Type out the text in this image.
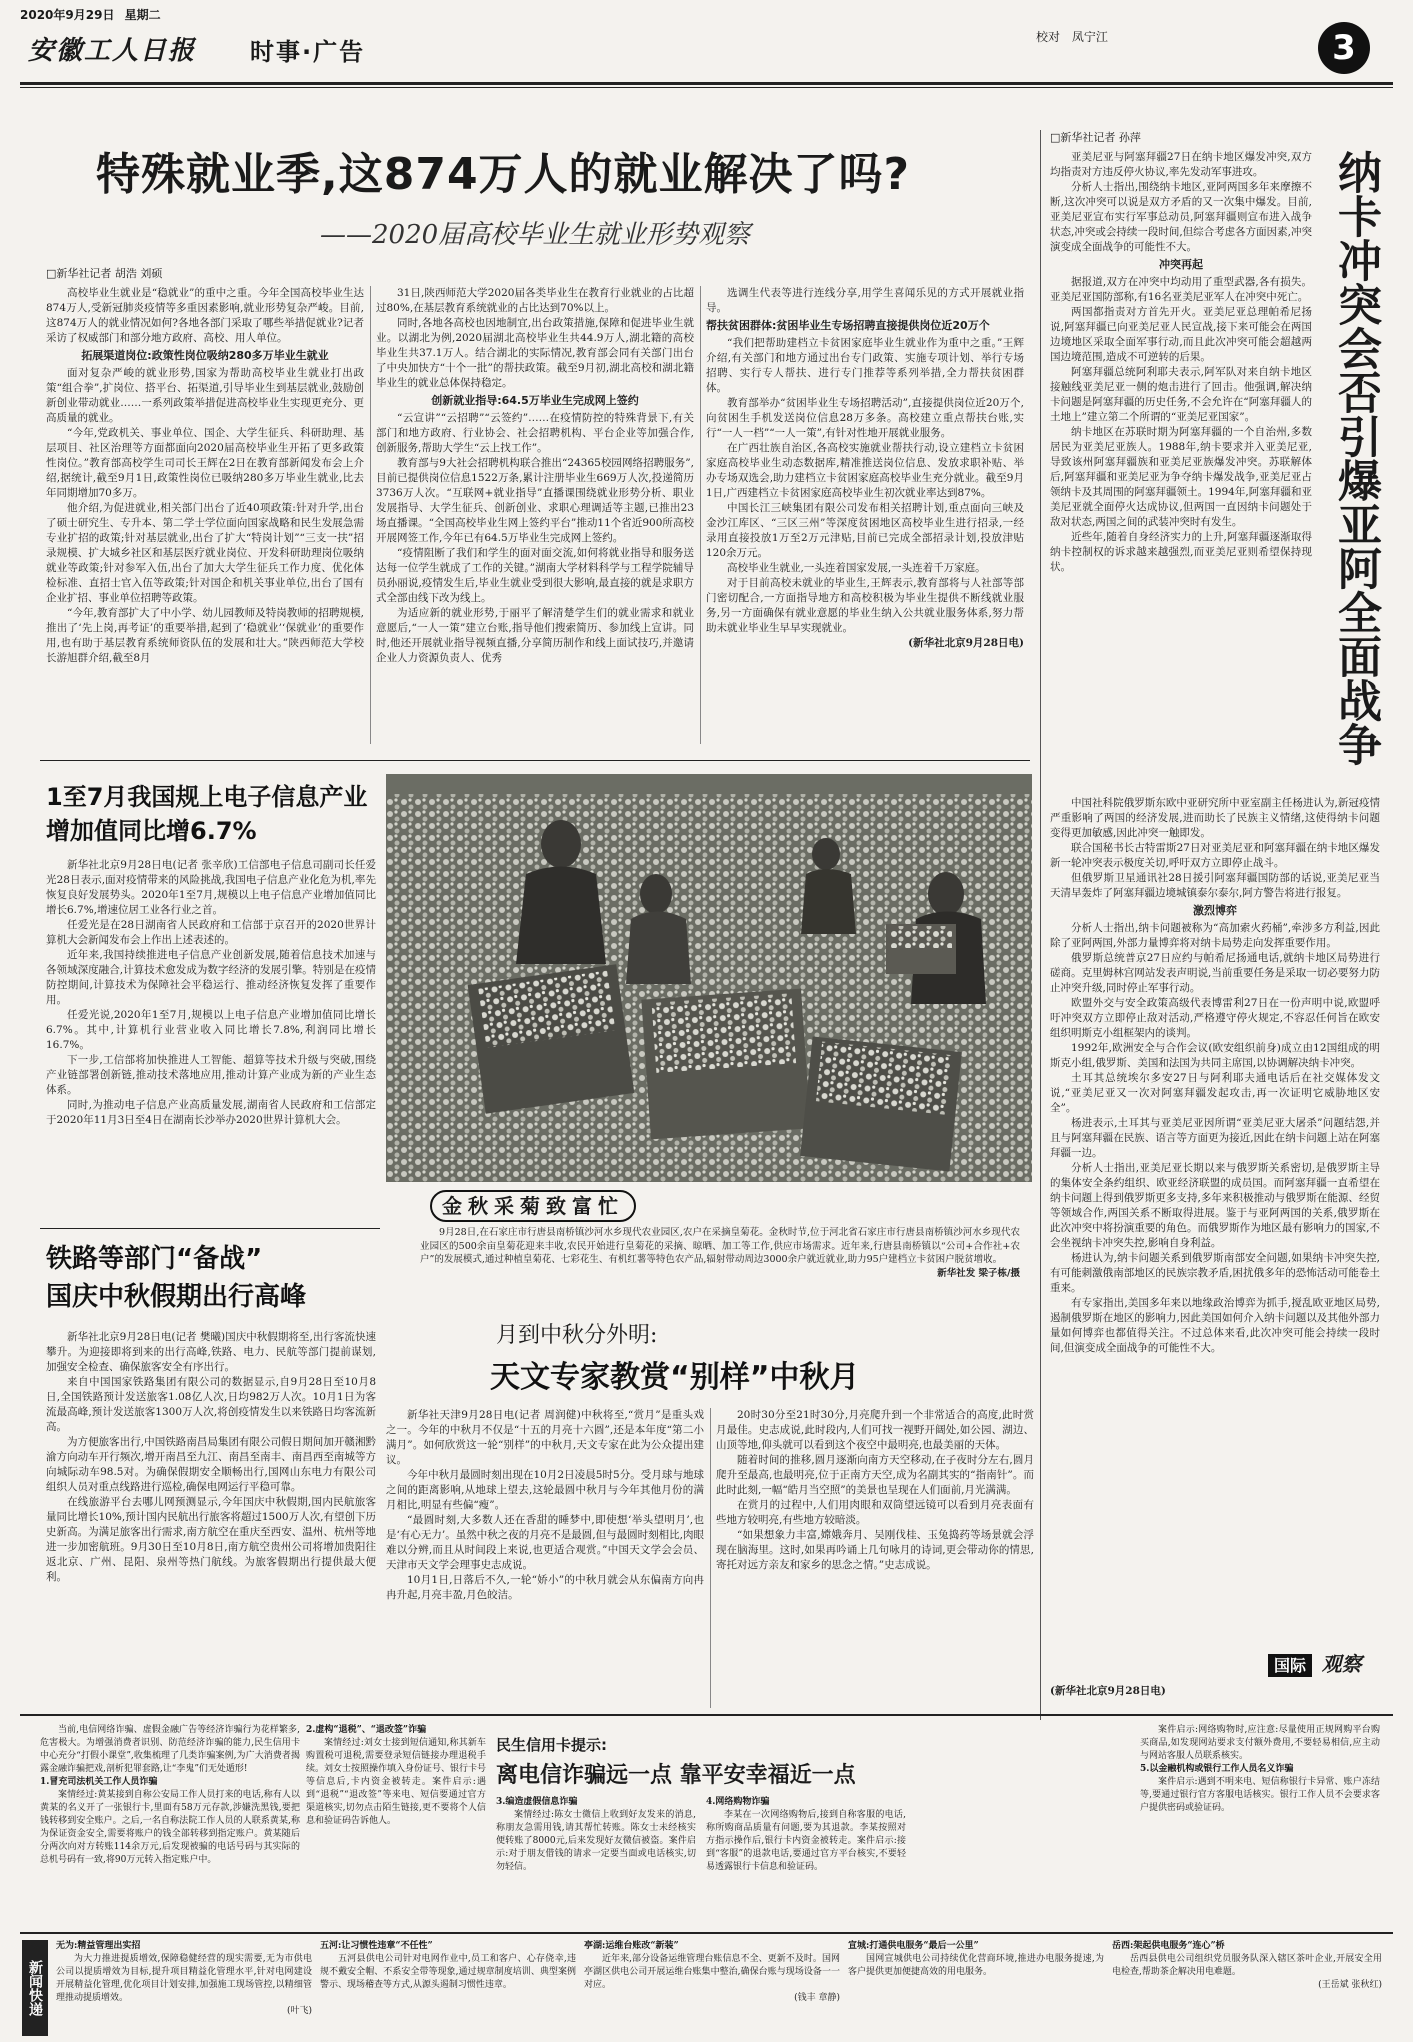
2020年9月29日 星期二
安徽工人日报 时事·广告
校对 凤宁江	3
特殊就业季,这874万人的就业解决了吗?
——2020届高校毕业生就业形势观察
□新华社记者 胡浩 刘硕

高校毕业生就业是“稳就业”的重中之重。今年全国高校毕业生达874万人,受新冠肺炎疫情等多重因素影响,就业形势复杂严峻。目前,这874万人的就业情况如何?各地各部门采取了哪些举措促就业?记者采访了权威部门和部分地方政府、高校、用人单位。

拓展渠道岗位:政策性岗位吸纳280多万毕业生就业

面对复杂严峻的就业形势,国家为帮助高校毕业生就业打出政策“组合拳”,扩岗位、搭平台、拓渠道,引导毕业生到基层就业,鼓励创新创业带动就业……一系列政策举措促进高校毕业生实现更充分、更高质量的就业。

“今年,党政机关、事业单位、国企、大学生征兵、科研助理、基层项目、社区治理等方面都面向2020届高校毕业生开拓了更多政策性岗位。”教育部高校学生司司长王辉在2日在教育部新闻发布会上介绍,据统计,截至9月1日,政策性岗位已吸纳280多万毕业生就业,比去年同期增加70多万。

他介绍,为促进就业,相关部门出台了近40项政策:针对升学,出台了硕士研究生、专升本、第二学士学位面向国家战略和民生发展急需专业扩招的政策;针对基层就业,出台了扩大“特岗计划”“三支一扶”招录规模、扩大城乡社区和基层医疗就业岗位、开发科研助理岗位吸纳就业等政策;针对参军入伍,出台了加大大学生征兵工作力度、优化体检标准、直招士官入伍等政策;针对国企和机关事业单位,出台了国有企业扩招、事业单位招聘等政策。

“今年,教育部扩大了中小学、幼儿园教师及特岗教师的招聘规模,推出了‘先上岗,再考证’的重要举措,起到了‘稳就业’‘保就业’的重要作用,也有助于基层教育系统师资队伍的发展和壮大。”陕西师范大学校长游旭群介绍,截至8月

31日,陕西师范大学2020届各类毕业生在教育行业就业的占比超过80%,在基层教育系统就业的占比达到70%以上。

同时,各地各高校也因地制宜,出台政策措施,保障和促进毕业生就业。以湖北为例,2020届湖北高校毕业生共44.9万人,湖北籍的高校毕业生共37.1万人。结合湖北的实际情况,教育部会同有关部门出台了中央加快方“十个一批”的帮扶政策。截至9月初,湖北高校和湖北籍毕业生的就业总体保持稳定。

创新就业指导:64.5万毕业生完成网上签约

“云宣讲”“云招聘”“云签约”……在疫情防控的特殊背景下,有关部门和地方政府、行业协会、社会招聘机构、平台企业等加强合作,创新服务,帮助大学生“云上找工作”。

教育部与9大社会招聘机构联合推出“24365校园网络招聘服务”,目前已提供岗位信息1522万条,累计注册毕业生669万人次,投递简历3736万人次。“互联网+就业指导”直播课围绕就业形势分析、职业发展指导、大学生征兵、创新创业、求职心理调适等主题,已推出23场直播课。“全国高校毕业生网上签约平台”推动11个省近900所高校开展网签工作,今年已有64.5万毕业生完成网上签约。

“疫情阻断了我们和学生的面对面交流,如何将就业指导和服务送达每一位学生就成了工作的关键。”湖南大学材料科学与工程学院辅导员孙丽说,疫情发生后,毕业生就业受到很大影响,最直接的就是求职方式全部由线下改为线上。

为适应新的就业形势,于丽平了解清楚学生们的就业需求和就业意愿后,“一人一策”建立台账,指导他们搜索简历、参加线上宣讲。同时,他还开展就业指导视频直播,分享简历制作和线上面试技巧,并邀请企业人力资源负责人、优秀

选调生代表等进行连线分享,用学生喜闻乐见的方式开展就业指导。

帮扶贫困群体:贫困毕业生专场招聘直接提供岗位近20万个

“我们把帮助建档立卡贫困家庭毕业生就业作为重中之重。”王辉介绍,有关部门和地方通过出台专门政策、实施专项计划、举行专场招聘、实行专人帮扶、进行专门推荐等系列举措,全力帮扶贫困群体。

教育部举办“贫困毕业生专场招聘活动”,直接提供岗位近20万个,向贫困生手机发送岗位信息28万多条。高校建立重点帮扶台账,实行“一人一档”“一人一策”,有针对性地开展就业服务。

在广西壮族自治区,各高校实施就业帮扶行动,设立建档立卡贫困家庭高校毕业生动态数据库,精准推送岗位信息、发放求职补贴、举办专场双选会,助力建档立卡贫困家庭高校毕业生充分就业。截至9月1日,广西建档立卡贫困家庭高校毕业生初次就业率达到87%。

中国长江三峡集团有限公司发布相关招聘计划,重点面向三峡及金沙江库区、“三区三州”等深度贫困地区高校毕业生进行招录,一经录用直接投放1万至2万元津贴,目前已完成全部招录计划,投放津贴120余万元。

高校毕业生就业,一头连着国家发展,一头连着千万家庭。

对于目前高校未就业的毕业生,王辉表示,教育部将与人社部等部门密切配合,一方面指导地方和高校积极为毕业生提供不断线就业服务,另一方面确保有就业意愿的毕业生纳入公共就业服务体系,努力帮助未就业毕业生早早实现就业。

(新华社北京9月28日电)
1至7月我国规上电子信息产业
增加值同比增6.7%

新华社北京9月28日电(记者 张辛欣)工信部电子信息司副司长任爱光28日表示,面对疫情带来的风险挑战,我国电子信息产业化危为机,率先恢复良好发展势头。2020年1至7月,规模以上电子信息产业增加值同比增长6.7%,增速位居工业各行业之首。

任爱光是在28日湖南省人民政府和工信部于京召开的2020世界计算机大会新闻发布会上作出上述表述的。

近年来,我国持续推进电子信息产业创新发展,随着信息技术加速与各领域深度融合,计算技术愈发成为数字经济的发展引擎。特别是在疫情防控期间,计算技术为保障社会平稳运行、推动经济恢复发挥了重要作用。

任爱光说,2020年1至7月,规模以上电子信息产业增加值同比增长6.7%。其中,计算机行业营业收入同比增长7.8%,利润同比增长16.7%。

下一步,工信部将加快推进人工智能、超算等技术升级与突破,围绕产业链部署创新链,推动技术落地应用,推动计算产业成为新的产业生态体系。

同时,为推动电子信息产业高质量发展,湖南省人民政府和工信部定于2020年11月3日至4日在湖南长沙举办2020世界计算机大会。

铁路等部门“备战”
国庆中秋假期出行高峰

新华社北京9月28日电(记者 樊曦)国庆中秋假期将至,出行客流快速攀升。为迎接即将到来的出行高峰,铁路、电力、民航等部门提前谋划,加强安全检查、确保旅客安全有序出行。

来自中国国家铁路集团有限公司的数据显示,自9月28日至10月8日,全国铁路预计发送旅客1.08亿人次,日均982万人次。10月1日为客流最高峰,预计发送旅客1300万人次,将创疫情发生以来铁路日均客流新高。

为方便旅客出行,中国铁路南昌局集团有限公司假日期间加开赣湘黔渝方向动车开行频次,增开南昌至九江、南昌至南丰、南昌西至南城等方向城际动车98.5对。为确保假期安全顺畅出行,国网山东电力有限公司组织人员对重点线路进行巡检,确保电网运行平稳可靠。

在线旅游平台去哪儿网预测显示,今年国庆中秋假期,国内民航旅客量同比增长10%,预计国内民航出行旅客将超过1500万人次,有望创下历史新高。为满足旅客出行需求,南方航空在重庆至西安、温州、杭州等地进一步加密航班。9月30日至10月8日,南方航空贵州公司将增加贵阳往返北京、广州、昆阳、泉州等热门航线。为旅客假期出行提供最大便利。

金秋采菊致富忙

9月28日,在石家庄市行唐县南桥镇沙河水乡现代农业园区,农户在采摘皇菊花。金秋时节,位于河北省石家庄市行唐县南桥镇沙河水乡现代农业园区的500余亩皇菊花迎来丰收,农民开始进行皇菊花的采摘、晾晒、加工等工作,供应市场需求。近年来,行唐县南桥镇以“公司+合作社+农户”的发展模式,通过种植皇菊花、七彩花生、有机红薯等特色农产品,辐射带动周边3000余户就近就业,助力95户建档立卡贫困户脱贫增收。

新华社发 梁子栋/摄
月到中秋分外明:
天文专家教赏“别样”中秋月

新华社天津9月28日电(记者 周润健)中秋将至,“赏月”是重头戏之一。今年的中秋月不仅是“十五的月亮十六圆”,还是本年度“第二小满月”。如何欣赏这一轮“别样”的中秋月,天文专家在此为公众提出建议。

今年中秋月最圆时刻出现在10月2日凌晨5时5分。受月球与地球之间的距离影响,从地球上望去,这轮最圆中秋月与今年其他月份的满月相比,明显有些偏“瘦”。

“最圆时刻,大多数人还在香甜的睡梦中,即使想‘举头望明月’,也是‘有心无力’。虽然中秋之夜的月亮不是最圆,但与最圆时刻相比,肉眼难以分辨,而且从时间段上来说,也更适合观赏。”中国天文学会会员、天津市天文学会理事史志成说。

10月1日,日落后不久,一轮“娇小”的中秋月就会从东偏南方向冉冉升起,月亮丰盈,月色皎洁。

20时30分至21时30分,月亮爬升到一个非常适合的高度,此时赏月最佳。史志成说,此时段内,人们可找一视野开阔处,如公园、湖边、山顶等地,仰头就可以看到这个夜空中最明亮,也最美丽的天体。

随着时间的推移,圆月逐渐向南方天空移动,在子夜时分左右,圆月爬升至最高,也最明亮,位于正南方天空,成为名副其实的“指南针”。而此时此刻,一幅“皓月当空照”的美景也呈现在人们面前,月光满满。

在赏月的过程中,人们用肉眼和双筒望远镜可以看到月亮表面有些地方较明亮,有些地方较暗淡。

“如果想象力丰富,嫦娥奔月、吴刚伐桂、玉兔捣药等场景就会浮现在脑海里。这时,如果再吟诵上几句咏月的诗词,更会带动你的情思,寄托对远方亲友和家乡的思念之情。”史志成说。

□新华社记者 孙萍
纳卡冲突会否引爆亚阿全面战争

亚美尼亚与阿塞拜疆27日在纳卡地区爆发冲突,双方均指责对方违反停火协议,率先发动军事进攻。

分析人士指出,围绕纳卡地区,亚阿两国多年来摩擦不断,这次冲突可以说是双方矛盾的又一次集中爆发。目前,亚美尼亚宣布实行军事总动员,阿塞拜疆则宣布进入战争状态,冲突或会持续一段时间,但综合考虑各方面因素,冲突演变成全面战争的可能性不大。

冲突再起

据报道,双方在冲突中均动用了重型武器,各有损失。亚美尼亚国防部称,有16名亚美尼亚军人在冲突中死亡。

两国都指责对方首先开火。亚美尼亚总理帕希尼扬说,阿塞拜疆已向亚美尼亚人民宣战,接下来可能会在两国边境地区采取全面军事行动,而且此次冲突可能会超越两国边境范围,造成不可逆转的后果。

阿塞拜疆总统阿利耶夫表示,阿军队对来自纳卡地区接触线亚美尼亚一侧的炮击进行了回击。他强调,解决纳卡问题是阿塞拜疆的历史任务,不会允许在“阿塞拜疆人的土地上”建立第二个所谓的“亚美尼亚国家”。

纳卡地区在苏联时期为阿塞拜疆的一个自治州,多数居民为亚美尼亚族人。1988年,纳卡要求并入亚美尼亚,导致该州阿塞拜疆族和亚美尼亚族爆发冲突。苏联解体后,阿塞拜疆和亚美尼亚为争夺纳卡爆发战争,亚美尼亚占领纳卡及其周围的阿塞拜疆领土。1994年,阿塞拜疆和亚美尼亚就全面停火达成协议,但两国一直因纳卡问题处于敌对状态,两国之间的武装冲突时有发生。

近些年,随着自身经济实力的上升,阿塞拜疆逐渐取得纳卡控制权的诉求越来越强烈,而亚美尼亚则希望保持现状。

中国社科院俄罗斯东欧中亚研究所中亚室副主任杨进认为,新冠疫情严重影响了两国的经济发展,进而助长了民族主义情绪,这使得纳卡问题变得更加敏感,因此冲突一触即发。

联合国秘书长古特雷斯27日对亚美尼亚和阿塞拜疆在纳卡地区爆发新一轮冲突表示极度关切,呼吁双方立即停止战斗。

但俄罗斯卫星通讯社28日援引阿塞拜疆国防部的话说,亚美尼亚当天清早轰炸了阿塞拜疆边境城镇泰尔泰尔,阿方警告将进行报复。

激烈博弈

分析人士指出,纳卡问题被称为“高加索火药桶”,牵涉多方利益,因此除了亚阿两国,外部力量博弈将对纳卡局势走向发挥重要作用。

俄罗斯总统普京27日应约与帕希尼扬通电话,就纳卡地区局势进行磋商。克里姆林宫网站发表声明说,当前重要任务是采取一切必要努力防止冲突升级,同时停止军事行动。

欧盟外交与安全政策高级代表博雷利27日在一份声明中说,欧盟呼吁冲突双方立即停止敌对活动,严格遵守停火规定,不容忍任何旨在欧安组织明斯克小组框架内的谈判。

1992年,欧洲安全与合作会议(欧安组织前身)成立由12国组成的明斯克小组,俄罗斯、美国和法国为共同主席国,以协调解决纳卡冲突。

土耳其总统埃尔多安27日与阿利耶夫通电话后在社交媒体发文说,“亚美尼亚又一次对阿塞拜疆发起攻击,再一次证明它威胁地区安全”。

杨进表示,土耳其与亚美尼亚因所谓“亚美尼亚大屠杀”问题结怨,并且与阿塞拜疆在民族、语言等方面更为接近,因此在纳卡问题上站在阿塞拜疆一边。

分析人士指出,亚美尼亚长期以来与俄罗斯关系密切,是俄罗斯主导的集体安全条约组织、欧亚经济联盟的成员国。而阿塞拜疆一直希望在纳卡问题上得到俄罗斯更多支持,多年来积极推动与俄罗斯在能源、经贸等领域合作,两国关系不断取得进展。鉴于与亚阿两国的关系,俄罗斯在此次冲突中将扮演重要的角色。而俄罗斯作为地区最有影响力的国家,不会坐视纳卡冲突失控,影响自身利益。

杨进认为,纳卡问题关系到俄罗斯南部安全问题,如果纳卡冲突失控,有可能刺激俄南部地区的民族宗教矛盾,困扰俄多年的恐怖活动可能卷土重来。

有专家指出,美国多年来以地缘政治博弈为抓手,搅乱欧亚地区局势,遏制俄罗斯在地区的影响力,因此美国如何介入纳卡问题以及其他外部力量如何博弈也都值得关注。不过总体来看,此次冲突可能会持续一段时间,但演变成全面战争的可能性不大。

(新华社北京9月28日电)
国际 观察

当前,电信网络诈骗、虚假金融广告等经济诈骗行为花样繁多,危害极大。为增强消费者识别、防范经济诈骗的能力,民生信用卡中心充分“打假小课堂”,收集梳理了几类诈骗案例,为广大消费者揭露金融诈骗把戏,剖析犯罪套路,让“李鬼”们无处遁形!

1.冒充司法机关工作人员诈骗

案情经过:黄某接到自称公安局工作人员打来的电话,称有人以黄某的名义开了一张银行卡,里面有58万元存款,涉嫌洗黑钱,要把钱转移到安全账户。之后,一名自称法院工作人员的人联系黄某,称为保证资金安全,需要将账户的钱全部转移到指定账户。黄某随后分两次向对方转账114余万元,后发现被骗的电话号码与其实际的总机号码有一致,将90万元转入指定账户中。

2.虚构“退税”、“退改签”诈骗

案情经过:刘女士接到短信通知,称其新车购置税可退税,需要登录短信链接办理退税手续。刘女士按照操作填入身份证号、银行卡号等信息后,卡内资金被转走。案件启示:遇到“退税”“退改签”等来电、短信要通过官方渠道核实,切勿点击陌生链接,更不要将个人信息和验证码告诉他人。

民生信用卡提示:
离电信诈骗远一点 靠平安幸福近一点
3.编造虚假信息诈骗

案情经过:陈女士微信上收到好友发来的消息,称朋友急需用钱,请其帮忙转账。陈女士未经核实便转账了8000元,后来发现好友微信被盗。案件启示:对于朋友借钱的请求一定要当面或电话核实,切勿轻信。

4.网络购物诈骗

李某在一次网络购物后,接到自称客服的电话,称所购商品质量有问题,要为其退款。李某按照对方指示操作后,银行卡内资金被转走。案件启示:接到“客服”的退款电话,要通过官方平台核实,不要轻易透露银行卡信息和验证码。

案件启示:网络购物时,应注意:尽量使用正规网购平台购买商品,如发现网站要求支付额外费用,不要轻易相信,应主动与网站客服人员联系核实。

5.以金融机构或银行工作人员名义诈骗

案件启示:遇到不明来电、短信称银行卡异常、账户冻结等,要通过银行官方客服电话核实。银行工作人员不会要求客户提供密码或验证码。

新闻快递
无为:精益管理出实招

为大力推进提质增效,保障稳健经营的现实需要,无为市供电公司以提质增效为目标,提升项目精益化管理水平,针对电网建设开展精益化管理,优化项目计划安排,加强施工现场管控,以精细管理推动提质增效。

(叶飞)
五河:让习惯性违章“不任性”

五河县供电公司针对电网作业中,员工和客户、心存侥幸,违规不戴安全帽、不系安全带等现象,通过规章制度培训、典型案例警示、现场稽查等方式,从源头遏制习惯性违章。

亭湖:运维台账改“新装”

近年来,部分设备运维管理台账信息不全、更新不及时。国网亭湖区供电公司开展运维台账集中整治,确保台账与现场设备一一对应。

(钱丰 章静)
宣城:打通供电服务“最后一公里”

国网宣城供电公司持续优化营商环境,推进办电服务提速,为客户提供更加便捷高效的用电服务。

岳西:架起供电服务“连心”桥

岳西县供电公司组织党员服务队深入辖区茶叶企业,开展安全用电检查,帮助茶企解决用电难题。

(王岳斌 张秋红)
